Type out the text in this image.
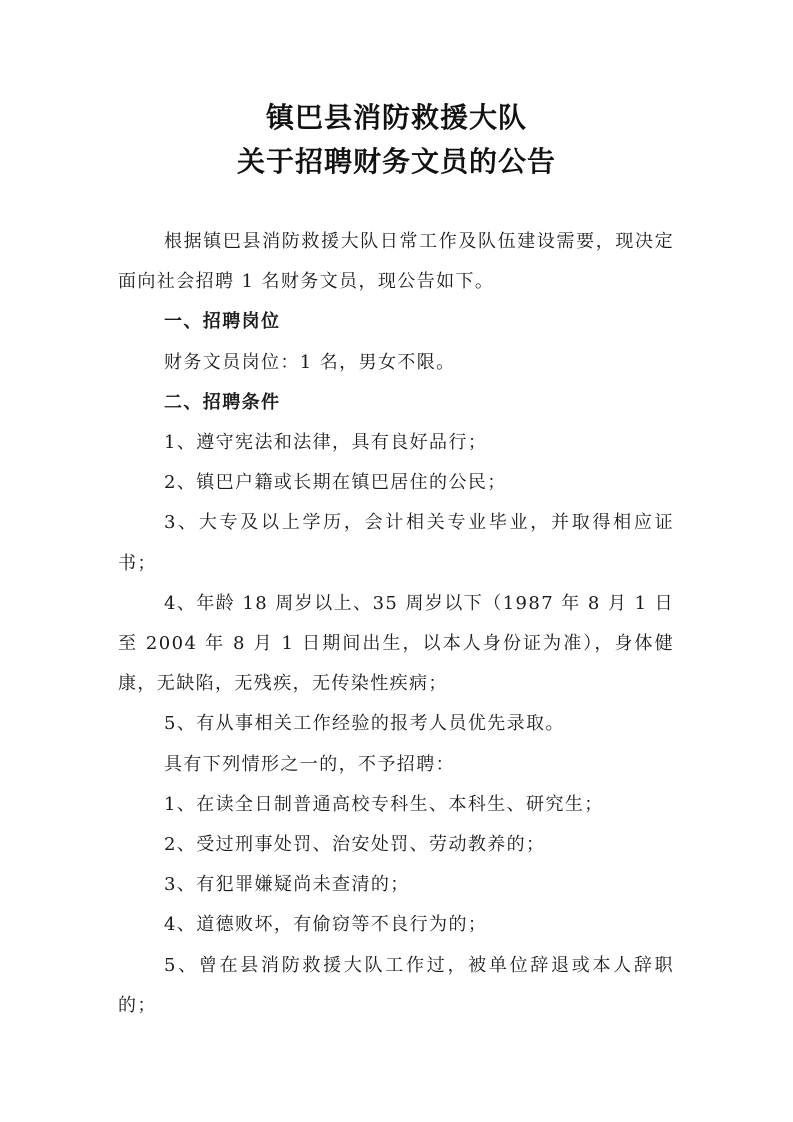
镇巴县消防救援大队
关于招聘财务文员的公告

根据镇巴县消防救援大队日常工作及队伍建设需要，现决定面向社会招聘 1 名财务文员，现公告如下。

一、招聘岗位

财务文员岗位：1 名，男女不限。

二、招聘条件

1、遵守宪法和法律，具有良好品行；

2、镇巴户籍或长期在镇巴居住的公民；

3、大专及以上学历，会计相关专业毕业，并取得相应证书；

4、年龄 18 周岁以上、35 周岁以下（1987 年 8 月 1 日至 2004 年 8 月 1 日期间出生，以本人身份证为准），身体健康，无缺陷，无残疾，无传染性疾病；

5、有从事相关工作经验的报考人员优先录取。

具有下列情形之一的，不予招聘：

1、在读全日制普通高校专科生、本科生、研究生；

2、受过刑事处罚、治安处罚、劳动教养的；

3、有犯罪嫌疑尚未查清的；

4、道德败坏，有偷窃等不良行为的；

5、曾在县消防救援大队工作过，被单位辞退或本人辞职的；
